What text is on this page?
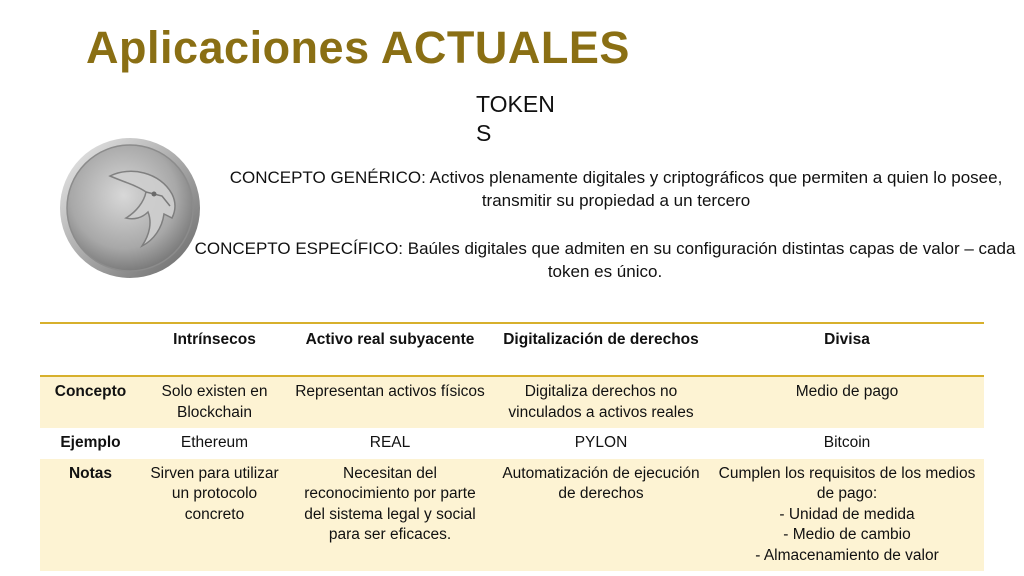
Aplicaciones ACTUALES
TOKENS
CONCEPTO GENÉRICO: Activos plenamente digitales y criptográficos que permiten a quien lo posee, transmitir su propiedad a un tercero
CONCEPTO ESPECÍFICO: Baúles digitales que admiten en su configuración distintas capas de valor – cada token es único.
	Intrínsecos	Activo real subyacente	Digitalización de derechos	Divisa
Concepto	Solo existen en Blockchain	Representan activos físicos	Digitaliza derechos no vinculados a activos reales	Medio de pago
Ejemplo	Ethereum	REAL	PYLON	Bitcoin
Notas	Sirven para utilizar un protocolo concreto	Necesitan del reconocimiento por parte del sistema legal y social para ser eficaces.	Automatización de ejecución de derechos	Cumplen los requisitos de los medios de pago:
- Unidad de medida
- Medio de cambio
- Almacenamiento de valor
